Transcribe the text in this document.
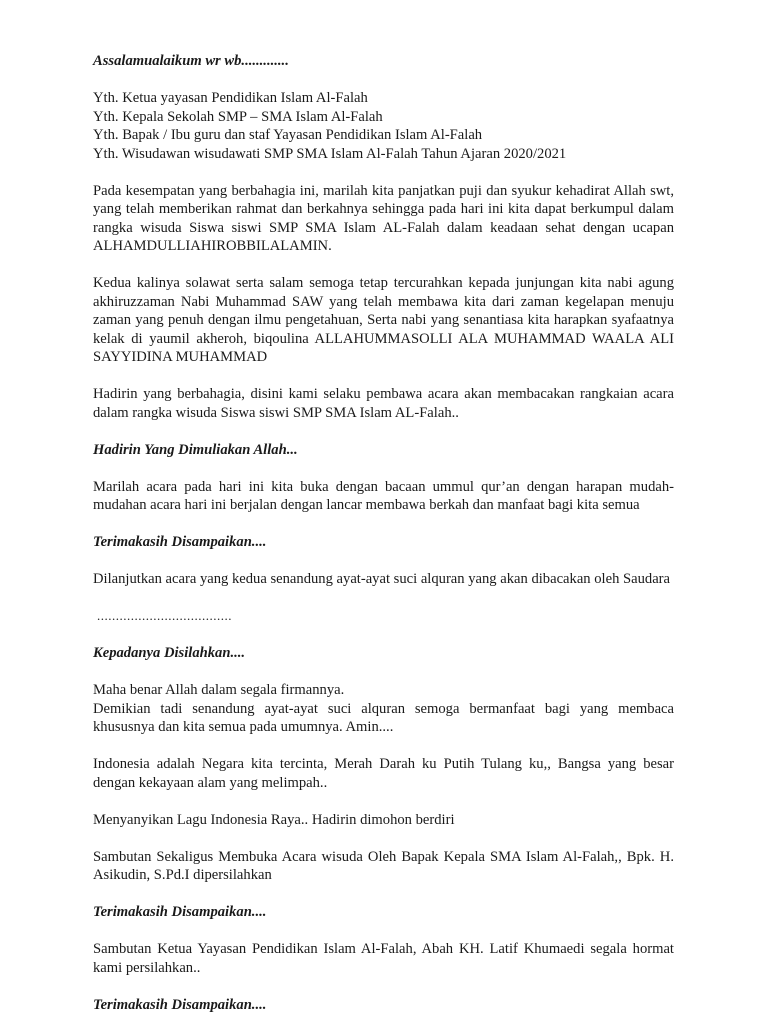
Assalamualaikum wr wb.............

Yth. Ketua yayasan Pendidikan Islam Al-Falah

Yth. Kepala Sekolah SMP – SMA Islam Al-Falah

Yth. Bapak / Ibu guru dan staf Yayasan Pendidikan Islam Al-Falah

Yth. Wisudawan wisudawati SMP SMA Islam Al-Falah Tahun Ajaran 2020/2021

Pada kesempatan yang berbahagia ini, marilah kita panjatkan puji dan syukur kehadirat Allah swt, yang telah memberikan rahmat dan berkahnya sehingga pada hari ini kita dapat berkumpul dalam rangka wisuda Siswa siswi SMP SMA Islam AL-Falah dalam keadaan sehat dengan ucapan ALHAMDULLIAHIROBBILALAMIN.

Kedua kalinya solawat serta salam semoga tetap tercurahkan kepada junjungan kita nabi agung akhiruzzaman Nabi Muhammad SAW yang telah membawa kita dari zaman kegelapan menuju zaman yang penuh dengan ilmu pengetahuan, Serta nabi yang senantiasa kita harapkan syafaatnya kelak di yaumil akheroh, biqoulina ALLAHUMMASOLLI ALA MUHAMMAD WAALA ALI SAYYIDINA MUHAMMAD

Hadirin yang berbahagia, disini kami selaku pembawa acara akan membacakan rangkaian acara dalam rangka wisuda Siswa siswi SMP SMA Islam AL-Falah..

Hadirin Yang Dimuliakan Allah...

Marilah acara pada hari ini kita buka dengan bacaan ummul qur’an dengan harapan mudah-mudahan acara hari ini berjalan dengan lancar membawa berkah dan manfaat bagi kita semua

Terimakasih Disampaikan....

Dilanjutkan acara yang kedua senandung ayat-ayat suci alquran yang akan dibacakan oleh Saudara

....................................

Kepadanya Disilahkan....

Maha benar Allah dalam segala firmannya.

Demikian tadi senandung ayat-ayat suci alquran semoga bermanfaat bagi yang membaca khususnya dan kita semua pada umumnya. Amin....

Indonesia adalah Negara kita tercinta, Merah Darah ku Putih Tulang ku,, Bangsa yang besar dengan kekayaan alam yang melimpah..

Menyanyikan Lagu Indonesia Raya.. Hadirin dimohon berdiri

Sambutan Sekaligus Membuka Acara wisuda Oleh Bapak Kepala SMA Islam Al-Falah,, Bpk. H. Asikudin, S.Pd.I dipersilahkan

Terimakasih Disampaikan....

Sambutan Ketua Yayasan Pendidikan Islam Al-Falah, Abah KH. Latif Khumaedi segala hormat kami persilahkan..

Terimakasih Disampaikan....
